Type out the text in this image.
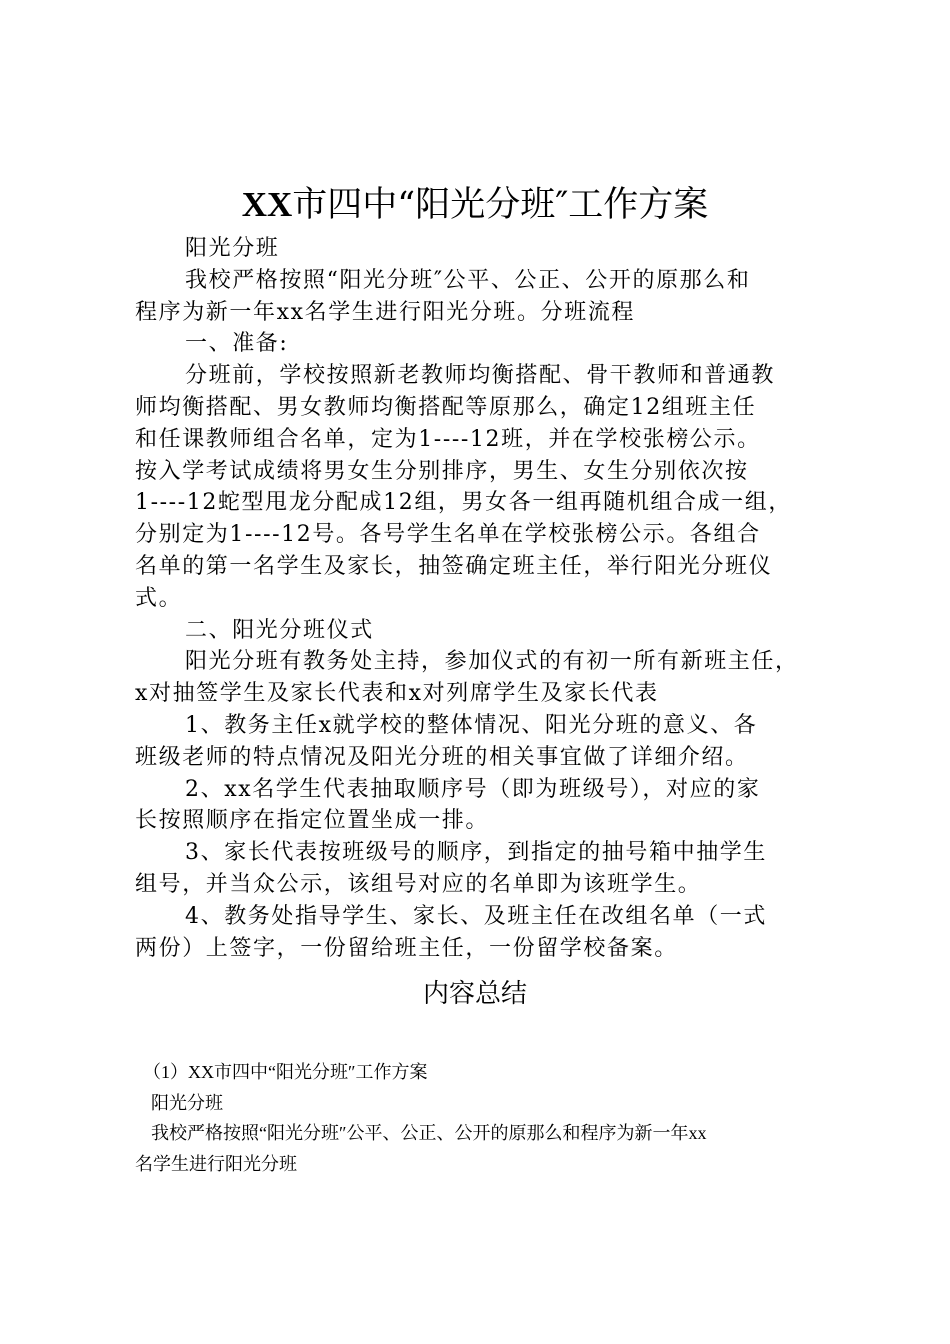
XX市四中“阳光分班″工作方案
阳光分班
我校严格按照“阳光分班″公平、公正、公开的原那么和
程序为新一年xx名学生进行阳光分班。分班流程
一、准备:
分班前，学校按照新老教师均衡搭配、骨干教师和普通教
师均衡搭配、男女教师均衡搭配等原那么，确定12组班主任
和任课教师组合名单，定为1----12班，并在学校张榜公示。
按入学考试成绩将男女生分别排序，男生、女生分别依次按
1----12蛇型甩龙分配成12组，男女各一组再随机组合成一组，
分别定为1----12号。各号学生名单在学校张榜公示。各组合
名单的第一名学生及家长，抽签确定班主任，举行阳光分班仪
式。
二、阳光分班仪式
阳光分班有教务处主持，参加仪式的有初一所有新班主任，
x对抽签学生及家长代表和x对列席学生及家长代表
1、教务主任x就学校的整体情况、阳光分班的意义、各
班级老师的特点情况及阳光分班的相关事宜做了详细介绍。
2、xx名学生代表抽取顺序号（即为班级号），对应的家
长按照顺序在指定位置坐成一排。
3、家长代表按班级号的顺序，到指定的抽号箱中抽学生
组号，并当众公示，该组号对应的名单即为该班学生。
4、教务处指导学生、家长、及班主任在改组名单（一式
两份）上签字，一份留给班主任，一份留学校备案。
内容总结
（1）XX市四中“阳光分班″工作方案
阳光分班
我校严格按照“阳光分班″公平、公正、公开的原那么和程序为新一年xx
名学生进行阳光分班
